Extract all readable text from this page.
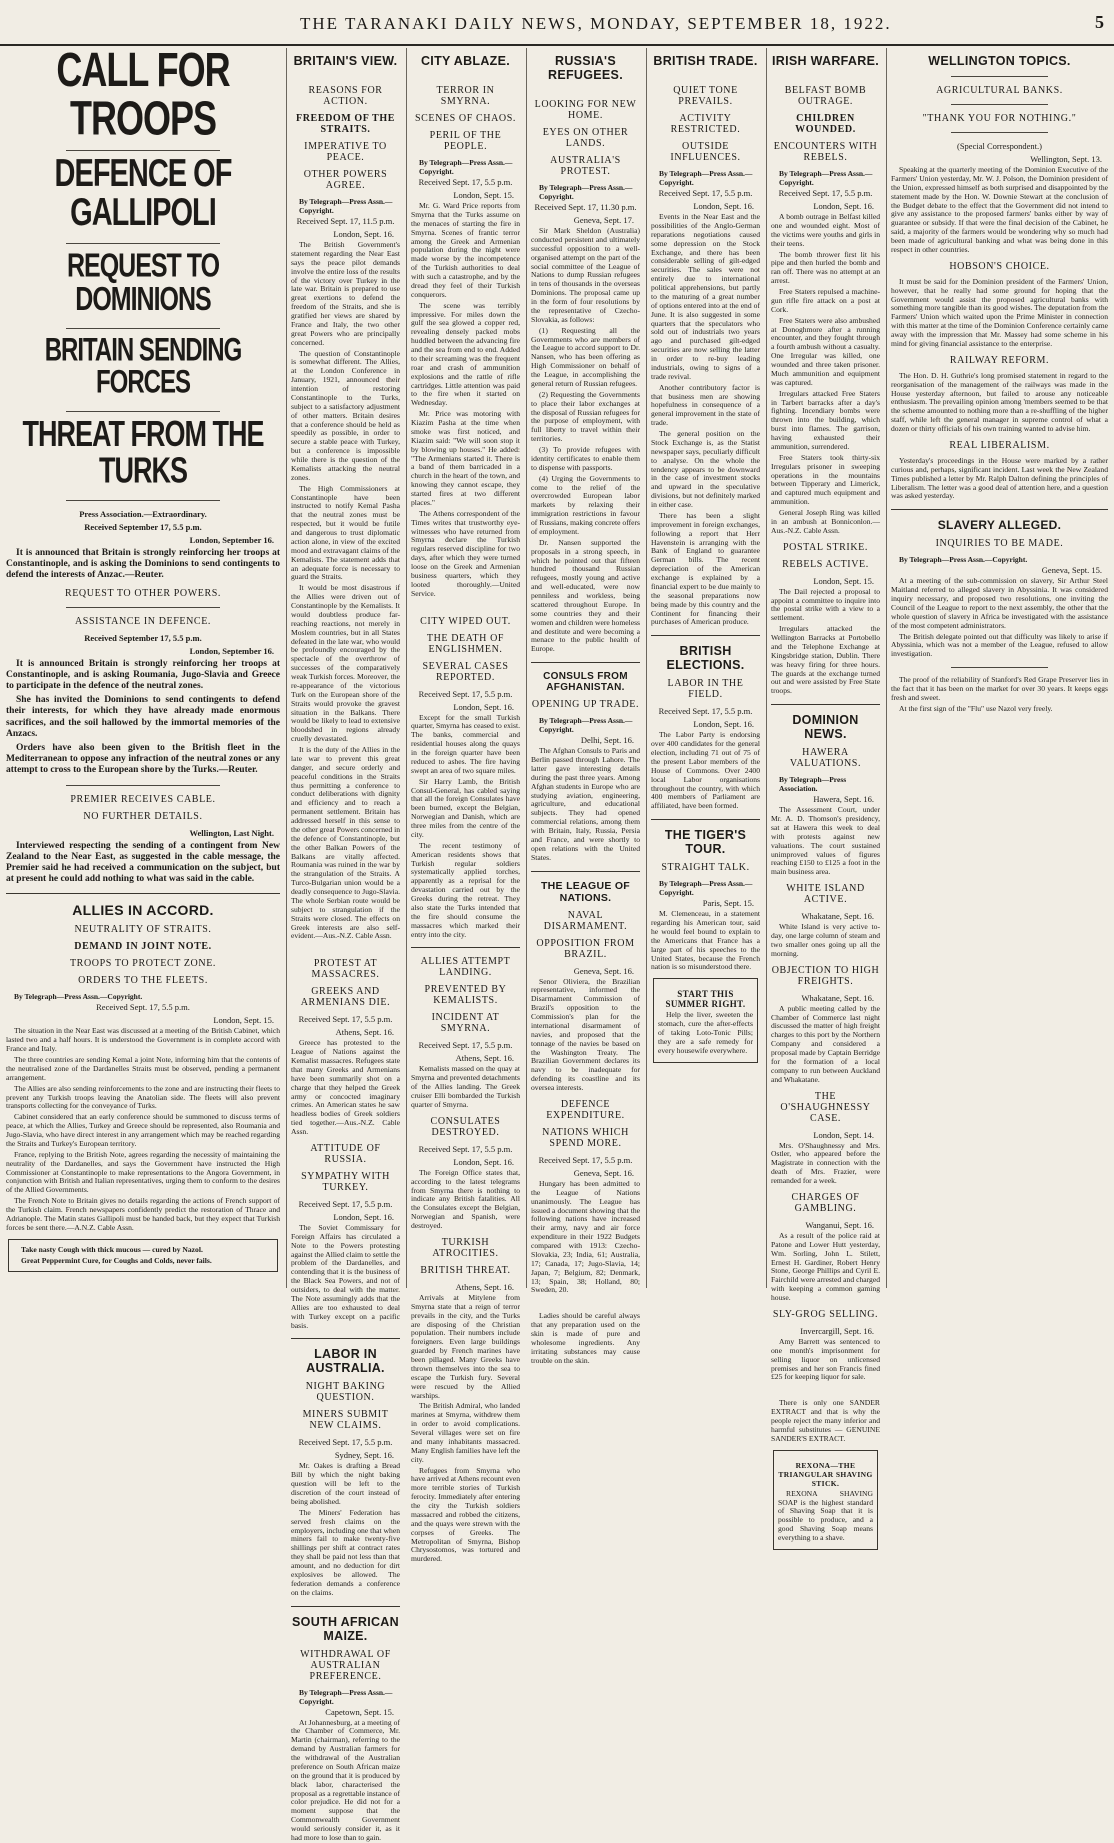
THE TARANAKI DAILY NEWS, MONDAY, SEPTEMBER 18, 1922.	5
CALL FOR TROOPS
DEFENCE OF GALLIPOLI
REQUEST TO DOMINIONS
BRITAIN SENDING FORCES
THREAT FROM THE TURKS
Press Association.—Extraordinary.
Received September 17, 5.5 p.m.
London, September 16.

It is announced that Britain is strongly reinforcing her troops at Constantinople, and is asking the Dominions to send contingents to defend the interests of Anzac.—Reuter.

REQUEST TO OTHER POWERS.
ASSISTANCE IN DEFENCE.
Received September 17, 5.5 p.m.
London, September 16.

It is announced Britain is strongly reinforcing her troops at Constantinople, and is asking Roumania, Jugo-Slavia and Greece to participate in the defence of the neutral zones.

She has invited the Dominions to send contingents to defend their interests, for which they have already made enormous sacrifices, and the soil hallowed by the immortal memories of the Anzacs.

Orders have also been given to the British fleet in the Mediterranean to oppose any infraction of the neutral zones or any attempt to cross to the European shore by the Turks.—Reuter.

PREMIER RECEIVES CABLE.
NO FURTHER DETAILS.
Wellington, Last Night.

Interviewed respecting the sending of a contingent from New Zealand to the Near East, as suggested in the cable message, the Premier said he had received a communication on the subject, but at present he could add nothing to what was said in the cable.

ALLIES IN ACCORD.
NEUTRALITY OF STRAITS.
DEMAND IN JOINT NOTE.
TROOPS TO PROTECT ZONE.
ORDERS TO THE FLEETS.
By Telegraph—Press Assn.—Copyright.
Received Sept. 17, 5.5 p.m.
London, Sept. 15.

The situation in the Near East was discussed at a meeting of the British Cabinet, which lasted two and a half hours. It is understood the Government is in complete accord with France and Italy.

The three countries are sending Kemal a joint Note, informing him that the contents of the neutralised zone of the Dardanelles Straits must be observed, pending a permanent arrangement.

The Allies are also sending reinforcements to the zone and are instructing their fleets to prevent any Turkish troops leaving the Anatolian side. The fleets will also prevent transports collecting for the conveyance of Turks.

Cabinet considered that an early conference should be summoned to discuss terms of peace, at which the Allies, Turkey and Greece should be represented, also Roumania and Jugo-Slavia, who have direct interest in any arrangement which may be reached regarding the Straits and Turkey's European territory.

France, replying to the British Note, agrees regarding the necessity of maintaining the neutrality of the Dardanelles, and says the Government have instructed the High Commissioner at Constantinople to make representations to the Angora Government, in conjunction with British and Italian representatives, urging them to conform to the desires of the Allied Governments.

The French Note to Britain gives no details regarding the actions of French support of the Turkish claim. French newspapers confidently predict the restoration of Thrace and Adrianople. The Matin states Gallipoli must be handed back, but they expect that Turkish forces be sent there.—A.N.Z. Cable Assn.

Take nasty Cough with thick mucous — cured by Nazol.

Great Peppermint Cure, for Coughs and Colds, never fails.

BRITAIN'S VIEW.
REASONS FOR ACTION.
FREEDOM OF THE STRAITS.
IMPERATIVE TO PEACE.
OTHER POWERS AGREE.
By Telegraph—Press Assn.—Copyright.
Received Sept. 17, 11.5 p.m.
London, Sept. 16.

The British Government's statement regarding the Near East says the peace pilot demands involve the entire loss of the results of the victory over Turkey in the late war. Britain is prepared to use great exertions to defend the freedom of the Straits, and she is gratified her views are shared by France and Italy, the two other great Powers who are principally concerned.

The question of Constantinople is somewhat different. The Allies, at the London Conference in January, 1921, announced their intention of restoring Constantinople to the Turks, subject to a satisfactory adjustment of other matters. Britain desires that a conference should be held as speedily as possible, in order to secure a stable peace with Turkey, but a conference is impossible while there is the question of the Kemalists attacking the neutral zones.

The High Commissioners at Constantinople have been instructed to notify Kemal Pasha that the neutral zones must be respected, but it would be futile and dangerous to trust diplomatic action alone, in view of the excited mood and extravagant claims of the Kemalists. The statement adds that an adequate force is necessary to guard the Straits.

It would be most disastrous if the Allies were driven out of Constantinople by the Kemalists. It would doubtless produce far-reaching reactions, not merely in Moslem countries, but in all States defeated in the late war, who would be profoundly encouraged by the spectacle of the overthrow of successes of the comparatively weak Turkish forces. Moreover, the re-appearance of the victorious Turk on the European shore of the Straits would provoke the gravest situation in the Balkans. There would be likely to lead to extensive bloodshed in regions already cruelly devastated.

It is the duty of the Allies in the late war to prevent this great danger, and secure orderly and peaceful conditions in the Straits thus permitting a conference to conduct deliberations with dignity and efficiency and to reach a permanent settlement. Britain has addressed herself in this sense to the other great Powers concerned in the defence of Constantinople, but the other Balkan Powers of the Balkans are vitally affected. Roumania was ruined in the war by the strangulation of the Straits. A Turco-Bulgarian union would be a deadly consequence to Jugo-Slavia. The whole Serbian route would be subject to strangulation if the Straits were closed. The effects on Greek interests are also self-evident.—Aus.-N.Z. Cable Assn.

PROTEST AT MASSACRES.
GREEKS AND ARMENIANS DIE.
Received Sept. 17, 5.5 p.m.
Athens, Sept. 16.

Greece has protested to the League of Nations against the Kemalist massacres. Refugees state that many Greeks and Armenians have been summarily shot on a charge that they helped the Greek army or concocted imaginary crimes. An American states he saw headless bodies of Greek soldiers tied together.—Aus.-N.Z. Cable Assn.

ATTITUDE OF RUSSIA.
SYMPATHY WITH TURKEY.
Received Sept. 17, 5.5 p.m.
London, Sept. 16.

The Soviet Commissary for Foreign Affairs has circulated a Note to the Powers protesting against the Allied claim to settle the problem of the Dardanelles, and contending that it is the business of the Black Sea Powers, and not of outsiders, to deal with the matter. The Note assumingly adds that the Allies are too exhausted to deal with Turkey except on a pacific basis.

LABOR IN AUSTRALIA.
NIGHT BAKING QUESTION.
MINERS SUBMIT NEW CLAIMS.
Received Sept. 17, 5.5 p.m.
Sydney, Sept. 16.

Mr. Oakes is drafting a Bread Bill by which the night baking question will be left to the discretion of the court instead of being abolished.

The Miners' Federation has served fresh claims on the employers, including one that when miners fail to make twenty-five shillings per shift at contract rates they shall be paid not less than that amount, and no deduction for dirt explosives be allowed. The federation demands a conference on the claims.

SOUTH AFRICAN MAIZE.
WITHDRAWAL OF AUSTRALIAN PREFERENCE.
By Telegraph—Press Assn.—Copyright.
Capetown, Sept. 15.

At Johannesburg, at a meeting of the Chamber of Commerce, Mr. Martin (chairman), referring to the demand by Australian farmers for the withdrawal of the Australian preference on South African maize on the ground that it is produced by black labor, characterised the proposal as a regrettable instance of color prejudice. He did not for a moment suppose that the Commonwealth Government would seriously consider it, as it had more to lose than to gain.

CITY ABLAZE.
TERROR IN SMYRNA.
SCENES OF CHAOS.
PERIL OF THE PEOPLE.
By Telegraph—Press Assn.—Copyright.
Received Sept. 17, 5.5 p.m.
London, Sept. 15.

Mr. G. Ward Price reports from Smyrna that the Turks assume on the menaces of starting the fire in Smyrna. Scenes of frantic terror among the Greek and Armenian population during the night were made worse by the incompetence of the Turkish authorities to deal with such a catastrophe, and by the dread they feel of their Turkish conquerors.

The scene was terribly impressive. For miles down the gulf the sea glowed a copper red, revealing densely packed mobs huddled between the advancing fire and the sea from end to end. Added to their screaming was the frequent roar and crash of ammunition explosions and the rattle of rifle cartridges. Little attention was paid to the fire when it started on Wednesday.

Mr. Price was motoring with Kiazim Pasha at the time when smoke was first noticed, and Kiazim said: "We will soon stop it by blowing up houses." He added: "The Armenians started it. There is a band of them barricaded in a church in the heart of the town, and knowing they cannot escape, they started fires at two different places."

The Athens correspondent of the Times writes that trustworthy eye-witnesses who have returned from Smyrna declare the Turkish regulars reserved discipline for two days, after which they were turned loose on the Greek and Armenian business quarters, which they looted thoroughly.—United Service.

CITY WIPED OUT.
THE DEATH OF ENGLISHMEN.
SEVERAL CASES REPORTED.
Received Sept. 17, 5.5 p.m.
London, Sept. 16.

Except for the small Turkish quarter, Smyrna has ceased to exist. The banks, commercial and residential houses along the quays in the foreign quarter have been reduced to ashes. The fire having swept an area of two square miles.

Sir Harry Lamb, the British Consul-General, has cabled saying that all the foreign Consulates have been burned, except the Belgian, Norwegian and Danish, which are three miles from the centre of the city.

The recent testimony of American residents shows that Turkish regular soldiers systematically applied torches, apparently as a reprisal for the devastation carried out by the Greeks during the retreat. They also state the Turks intended that the fire should consume the massacres which marked their entry into the city.

ALLIES ATTEMPT LANDING.
PREVENTED BY KEMALISTS.
INCIDENT AT SMYRNA.
Received Sept. 17, 5.5 p.m.
Athens, Sept. 16.

Kemalists massed on the quay at Smyrna and prevented detachments of the Allies landing. The Greek cruiser Elli bombarded the Turkish quarter of Smyrna.

CONSULATES DESTROYED.
Received Sept. 17, 5.5 p.m.
London, Sept. 16.

The Foreign Office states that, according to the latest telegrams from Smyrna there is nothing to indicate any British fatalities. All the Consulates except the Belgian, Norwegian and Spanish, were destroyed.

TURKISH ATROCITIES.
BRITISH THREAT.
Athens, Sept. 16.

Arrivals at Mitylene from Smyrna state that a reign of terror prevails in the city, and the Turks are disposing of the Christian population. Their numbers include foreigners. Even large buildings guarded by French marines have been pillaged. Many Greeks have thrown themselves into the sea to escape the Turkish fury. Several were rescued by the Allied warships.

The British Admiral, who landed marines at Smyrna, withdrew them in order to avoid complications. Several villages were set on fire and many inhabitants massacred. Many English families have left the city.

Refugees from Smyrna who have arrived at Athens recount even more terrible stories of Turkish ferocity. Immediately after entering the city the Turkish soldiers massacred and robbed the citizens, and the quays were strewn with the corpses of Greeks. The Metropolitan of Smyrna, Bishop Chrysostomos, was tortured and murdered.

RUSSIA'S REFUGEES.
LOOKING FOR NEW HOME.
EYES ON OTHER LANDS.
AUSTRALIA'S PROTEST.
By Telegraph—Press Assn.—Copyright.
Received Sept. 17, 11.30 p.m.
Geneva, Sept. 17.

Sir Mark Sheldon (Australia) conducted persistent and ultimately successful opposition to a well-organised attempt on the part of the social committee of the League of Nations to dump Russian refugees in tens of thousands in the overseas Dominions. The proposal came up in the form of four resolutions by the representative of Czecho-Slovakia, as follows:

(1) Requesting all the Governments who are members of the League to accord support to Dr. Nansen, who has been offering as High Commissioner on behalf of the League, in accomplishing the general return of Russian refugees.

(2) Requesting the Governments to place their labor exchanges at the disposal of Russian refugees for the purpose of employment, with full liberty to travel within their territories.

(3) To provide refugees with identity certificates to enable them to dispense with passports.

(4) Urging the Governments to come to the relief of the overcrowded European labor markets by relaxing their immigration restrictions in favour of Russians, making concrete offers of employment.

Dr. Nansen supported the proposals in a strong speech, in which he pointed out that fifteen hundred thousand Russian refugees, mostly young and active and well-educated, were now penniless and workless, being scattered throughout Europe. In some countries they and their women and children were homeless and destitute and were becoming a menace to the public health of Europe.

CONSULS FROM AFGHANISTAN.
OPENING UP TRADE.
By Telegraph—Press Assn.—Copyright.
Delhi, Sept. 16.

The Afghan Consuls to Paris and Berlin passed through Lahore. The latter gave interesting details during the past three years. Among Afghan students in Europe who are studying aviation, engineering, agriculture, and educational subjects. They had opened commercial relations, among them with Britain, Italy, Russia, Persia and France, and were shortly to open relations with the United States.

THE LEAGUE OF NATIONS.
NAVAL DISARMAMENT.
OPPOSITION FROM BRAZIL.
Geneva, Sept. 16.

Senor Oliviera, the Brazilian representative, informed the Disarmament Commission of Brazil's opposition to the Commission's plan for the international disarmament of navies, and proposed that the tonnage of the navies be based on the Washington Treaty. The Brazilian Government declares its navy to be inadequate for defending its coastline and its oversea interests.

DEFENCE EXPENDITURE.
NATIONS WHICH SPEND MORE.
Received Sept. 17, 5.5 p.m.
Geneva, Sept. 16.

Hungary has been admitted to the League of Nations unanimously. The League has issued a document showing that the following nations have increased their army, navy and air force expenditure in their 1922 Budgets compared with 1913: Czecho-Slovakia, 23; India, 61; Australia, 17; Canada, 17; Jugo-Slavia, 14; Japan, 7; Belgium, 82; Denmark, 13; Spain, 38; Holland, 80; Sweden, 20.

Ladies should be careful always that any preparation used on the skin is made of pure and wholesome ingredients. Any irritating substances may cause trouble on the skin.

BRITISH TRADE.
QUIET TONE PREVAILS.
ACTIVITY RESTRICTED.
OUTSIDE INFLUENCES.
By Telegraph—Press Assn.—Copyright.
Received Sept. 17, 5.5 p.m.
London, Sept. 16.

Events in the Near East and the possibilities of the Anglo-German reparations negotiations caused some depression on the Stock Exchange, and there has been considerable selling of gilt-edged securities. The sales were not entirely due to international political apprehensions, but partly to the maturing of a great number of options entered into at the end of June. It is also suggested in some quarters that the speculators who sold out of industrials two years ago and purchased gilt-edged securities are now selling the latter in order to re-buy leading industrials, owing to signs of a trade revival.

Another contributory factor is that business men are showing hopefulness in consequence of a general improvement in the state of trade.

The general position on the Stock Exchange is, as the Statist newspaper says, peculiarly difficult to analyse. On the whole the tendency appears to be downward in the case of investment stocks and upward in the speculative divisions, but not definitely marked in either case.

There has been a slight improvement in foreign exchanges, following a report that Herr Havenstein is arranging with the Bank of England to guarantee German bills. The recent depreciation of the American exchange is explained by a financial expert to be due mainly to the seasonal preparations now being made by this country and the Continent for financing their purchases of American produce.

BRITISH ELECTIONS.
LABOR IN THE FIELD.
Received Sept. 17, 5.5 p.m.
London, Sept. 16.

The Labor Party is endorsing over 400 candidates for the general election, including 71 out of 75 of the present Labor members of the House of Commons. Over 2400 local Labor organisations throughout the country, with which 400 members of Parliament are affiliated, have been formed.

THE TIGER'S TOUR.
STRAIGHT TALK.
By Telegraph—Press Assn.—Copyright.
Paris, Sept. 15.

M. Clemenceau, in a statement regarding his American tour, said he would feel bound to explain to the Americans that France has a large part of his speeches to the United States, because the French nation is so misunderstood there.

START THIS SUMMER RIGHT.

Help the liver, sweeten the stomach, cure the after-effects of taking Loto-Tonic Pills; they are a safe remedy for every housewife everywhere.

IRISH WARFARE.
BELFAST BOMB OUTRAGE.
CHILDREN WOUNDED.
ENCOUNTERS WITH REBELS.
By Telegraph—Press Assn.—Copyright.
Received Sept. 17, 5.5 p.m.
London, Sept. 16.

A bomb outrage in Belfast killed one and wounded eight. Most of the victims were youths and girls in their teens.

The bomb thrower first lit his pipe and then hurled the bomb and ran off. There was no attempt at an arrest.

Free Staters repulsed a machine-gun rifle fire attack on a post at Cork.

Free Staters were also ambushed at Donoghmore after a running encounter, and they fought through a fourth ambush without a casualty. One Irregular was killed, one wounded and three taken prisoner. Much ammunition and equipment was captured.

Irregulars attacked Free Staters in Tarbert barracks after a day's fighting. Incendiary bombs were thrown into the building, which burst into flames. The garrison, having exhausted their ammunition, surrendered.

Free Staters took thirty-six Irregulars prisoner in sweeping operations in the mountains between Tipperary and Limerick, and captured much equipment and ammunition.

General Joseph Ring was killed in an ambush at Bonniconlon.—Aus.-N.Z. Cable Assn.

POSTAL STRIKE.
REBELS ACTIVE.
London, Sept. 15.

The Dail rejected a proposal to appoint a committee to inquire into the postal strike with a view to a settlement.

Irregulars attacked the Wellington Barracks at Portobello and the Telephone Exchange at Kingsbridge station, Dublin. There was heavy firing for three hours. The guards at the exchange turned out and were assisted by Free State troops.

DOMINION NEWS.
HAWERA VALUATIONS.
By Telegraph—Press Association.
Hawera, Sept. 16.

The Assessment Court, under Mr. A. D. Thomson's presidency, sat at Hawera this week to deal with protests against new valuations. The court sustained unimproved values of figures reaching £150 to £125 a foot in the main business area.

WHITE ISLAND ACTIVE.
Whakatane, Sept. 16.

White Island is very active to-day, one large column of steam and two smaller ones going up all the morning.

OBJECTION TO HIGH FREIGHTS.
Whakatane, Sept. 16.

A public meeting called by the Chamber of Commerce last night discussed the matter of high freight charges to this port by the Northern Company and considered a proposal made by Captain Berridge for the formation of a local company to run between Auckland and Whakatane.

THE O'SHAUGHNESSY CASE.
London, Sept. 14.

Mrs. O'Shaughnessy and Mrs. Ostler, who appeared before the Magistrate in connection with the death of Mrs. Frazier, were remanded for a week.

CHARGES OF GAMBLING.
Wanganui, Sept. 16.

As a result of the police raid at Patone and Lower Hutt yesterday, Wm. Sorling, John L. Stilett, Ernest H. Gardiner, Robert Henry Stone, George Phillips and Cyril E. Fairchild were arrested and charged with keeping a common gaming house.

SLY-GROG SELLING.
Invercargill, Sept. 16.

Amy Barrett was sentenced to one month's imprisonment for selling liquor on unlicensed premises and her son Francis fined £25 for keeping liquor for sale.

There is only one SANDER EXTRACT and that is why the people reject the many inferior and harmful substitutes — GENUINE SANDER'S EXTRACT.

REXONA—THE TRIANGULAR SHAVING STICK.

REXONA SHAVING SOAP is the highest standard of Shaving Soap that it is possible to produce, and a good Shaving Soap means everything to a shave.

WELLINGTON TOPICS.
AGRICULTURAL BANKS.
"THANK YOU FOR NOTHING."
(Special Correspondent.)
Wellington, Sept. 13.

Speaking at the quarterly meeting of the Dominion Executive of the Farmers' Union yesterday, Mr. W. J. Polson, the Dominion president of the Union, expressed himself as both surprised and disappointed by the statement made by the Hon. W. Downie Stewart at the conclusion of the Budget debate to the effect that the Government did not intend to give any assistance to the proposed farmers' banks either by way of guarantee or subsidy. If that were the final decision of the Cabinet, he said, a majority of the farmers would be wondering why so much had been made of agricultural banking and what was being done in this respect in other countries.

HOBSON'S CHOICE.

It must be said for the Dominion president of the Farmers' Union, however, that he really had some ground for hoping that the Government would assist the proposed agricultural banks with something more tangible than its good wishes. The deputation from the Farmers' Union which waited upon the Prime Minister in connection with this matter at the time of the Dominion Conference certainly came away with the impression that Mr. Massey had some scheme in his mind for giving financial assistance to the enterprise.

RAILWAY REFORM.

The Hon. D. H. Guthrie's long promised statement in regard to the reorganisation of the management of the railways was made in the House yesterday afternoon, but failed to arouse any noticeable enthusiasm. The prevailing opinion among 'members seemed to be that the scheme amounted to nothing more than a re-shuffling of the higher staff, while left the general manager in supreme control of what a dozen or thirty officials of his own training wanted to advise him.

REAL LIBERALISM.

Yesterday's proceedings in the House were marked by a rather curious and, perhaps, significant incident. Last week the New Zealand Times published a letter by Mr. Ralph Dalton defining the principles of Liberalism. The letter was a good deal of attention here, and a question was asked yesterday.

SLAVERY ALLEGED.
INQUIRIES TO BE MADE.
By Telegraph—Press Assn.—Copyright.
Geneva, Sept. 15.

At a meeting of the sub-commission on slavery, Sir Arthur Steel Maitland referred to alleged slavery in Abyssinia. It was considered inquiry necessary, and proposed two resolutions, one inviting the Council of the League to report to the next assembly, the other that the whole question of slavery in Africa be investigated with the assistance of the most competent administrators.

The British delegate pointed out that difficulty was likely to arise if Abyssinia, which was not a member of the League, refused to allow investigation.

The proof of the reliability of Stanford's Red Grape Preserver lies in the fact that it has been on the market for over 30 years. It keeps eggs fresh and sweet.

At the first sign of the "Flu" use Nazol very freely.
